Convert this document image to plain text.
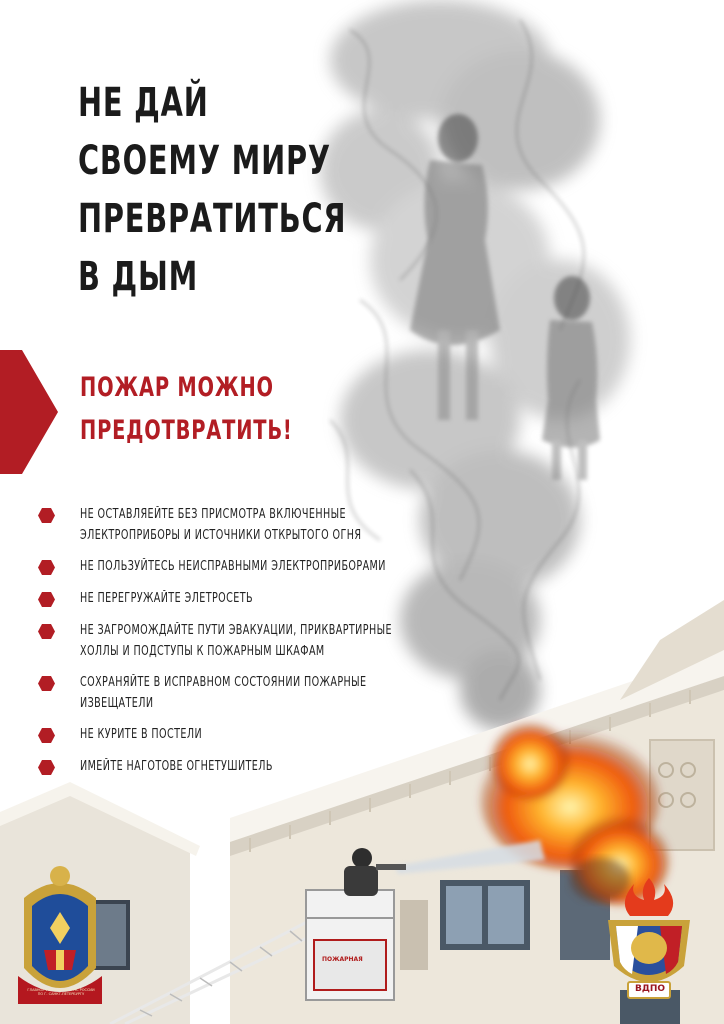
НЕ ДАЙ
СВОЕМУ МИРУ
ПРЕВРАТИТЬСЯ
В ДЫМ
ПОЖАР МОЖНО
ПРЕДОТВРАТИТЬ!
НЕ ОСТАВЛЯЕЙТЕ БЕЗ ПРИСМОТРА ВКЛЮЧЕННЫЕ
ЭЛЕКТРОПРИБОРЫ И ИСТОЧНИКИ ОТКРЫТОГО ОГНЯ
НЕ ПОЛЬЗУЙТЕСЬ НЕИСПРАВНЫМИ ЭЛЕКТРОПРИБОРАМИ
НЕ ПЕРЕГРУЖАЙТЕ ЭЛЕТРОСЕТЬ
НЕ ЗАГРОМОЖДАЙТЕ ПУТИ ЭВАКУАЦИИ, ПРИКВАРТИРНЫЕ
ХОЛЛЫ И ПОДСТУПЫ К ПОЖАРНЫМ ШКАФАМ
СОХРАНЯЙТЕ В ИСПРАВНОМ СОСТОЯНИИ ПОЖАРНЫЕ
ИЗВЕЩАТЕЛИ
НЕ КУРИТЕ В ПОСТЕЛИ
ИМЕЙТЕ НАГОТОВЕ ОГНЕТУШИТЕЛЬ
ПОЖАРНАЯ
ГЛАВНОЕ УПРАВЛЕНИЕ МЧС РОССИИ ПО Г. САНКТ-ПЕТЕРБУРГУ	ВДПО
